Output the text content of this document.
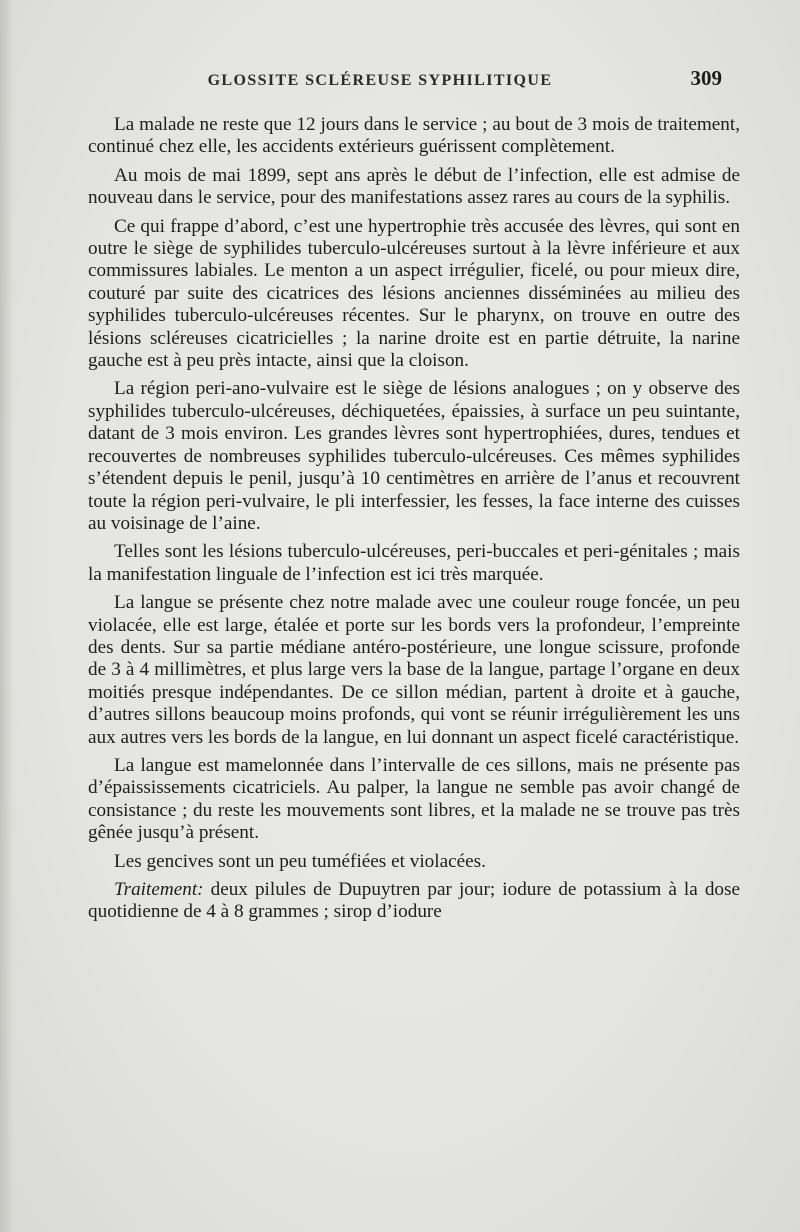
GLOSSITE SCLÉREUSE SYPHILITIQUE	309

La malade ne reste que 12 jours dans le service ; au bout de 3 mois de traitement, continué chez elle, les accidents extérieurs guérissent complètement.

Au mois de mai 1899, sept ans après le début de l’infection, elle est admise de nouveau dans le service, pour des manifestations assez rares au cours de la syphilis.

Ce qui frappe d’abord, c’est une hypertrophie très accusée des lèvres, qui sont en outre le siège de syphilides tuberculo-ulcéreuses surtout à la lèvre inférieure et aux commissures labiales. Le menton a un aspect irrégulier, ficelé, ou pour mieux dire, couturé par suite des cicatrices des lésions anciennes disséminées au milieu des syphilides tuberculo-ulcéreuses récentes. Sur le pharynx, on trouve en outre des lésions scléreuses cicatricielles ; la narine droite est en partie détruite, la narine gauche est à peu près intacte, ainsi que la cloison.

La région peri-ano-vulvaire est le siège de lésions analogues ; on y observe des syphilides tuberculo-ulcéreuses, déchiquetées, épaissies, à surface un peu suintante, datant de 3 mois environ. Les grandes lèvres sont hypertrophiées, dures, tendues et recouvertes de nombreuses syphilides tuberculo-ulcéreuses. Ces mêmes syphilides s’étendent depuis le penil, jusqu’à 10 centimètres en arrière de l’anus et recouvrent toute la région peri-vulvaire, le pli interfessier, les fesses, la face interne des cuisses au voisinage de l’aine.

Telles sont les lésions tuberculo-ulcéreuses, peri-buccales et peri-génitales ; mais la manifestation linguale de l’infection est ici très marquée.

La langue se présente chez notre malade avec une couleur rouge foncée, un peu violacée, elle est large, étalée et porte sur les bords vers la profondeur, l’empreinte des dents. Sur sa partie médiane antéro-postérieure, une longue scissure, profonde de 3 à 4 millimètres, et plus large vers la base de la langue, partage l’organe en deux moitiés presque indépendantes. De ce sillon médian, partent à droite et à gauche, d’autres sillons beaucoup moins profonds, qui vont se réunir irrégulièrement les uns aux autres vers les bords de la langue, en lui donnant un aspect ficelé caractéristique.

La langue est mamelonnée dans l’intervalle de ces sillons, mais ne présente pas d’épaississements cicatriciels. Au palper, la langue ne semble pas avoir changé de consistance ; du reste les mouvements sont libres, et la malade ne se trouve pas très gênée jusqu’à présent.

Les gencives sont un peu tuméfiées et violacées.

Traitement: deux pilules de Dupuytren par jour; iodure de potassium à la dose quotidienne de 4 à 8 grammes ; sirop d’iodure
